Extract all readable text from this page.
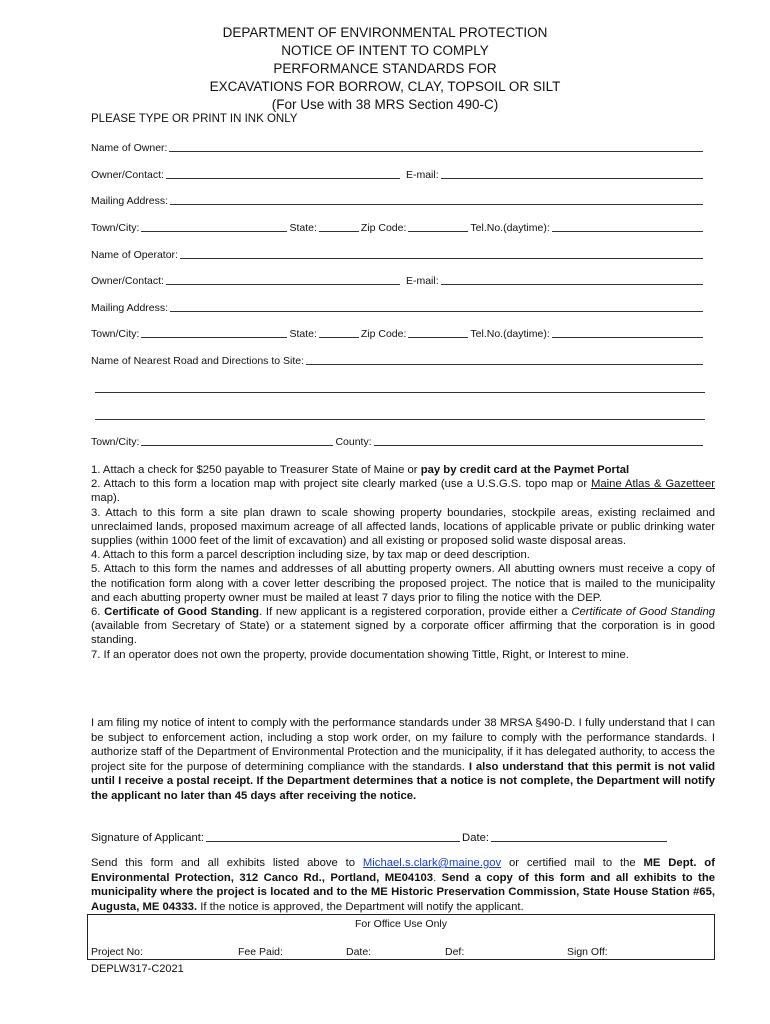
DEPARTMENT OF ENVIRONMENTAL PROTECTION
NOTICE OF INTENT TO COMPLY
PERFORMANCE STANDARDS FOR
EXCAVATIONS FOR BORROW, CLAY, TOPSOIL OR SILT
(For Use with 38 MRS Section 490-C)
PLEASE TYPE OR PRINT IN INK ONLY
Name of Owner:
Owner/Contact:	E-mail:
Mailing Address:
Town/City:	State:	Zip Code:	Tel.No.(daytime):
Name of Operator:
Owner/Contact:	E-mail:
Mailing Address:
Town/City:	State:	Zip Code:	Tel.No.(daytime):
Name of Nearest Road and Directions to Site:
Town/City:	County:

1. Attach a check for $250 payable to Treasurer State of Maine or pay by credit card at the Paymet Portal

2. Attach to this form a location map with project site clearly marked (use a U.S.G.S. topo map or Maine Atlas & Gazetteer map).

3. Attach to this form a site plan drawn to scale showing property boundaries, stockpile areas, existing reclaimed and unreclaimed lands, proposed maximum acreage of all affected lands, locations of applicable private or public drinking water supplies (within 1000 feet of the limit of excavation) and all existing or proposed solid waste disposal areas.

4. Attach to this form a parcel description including size, by tax map or deed description.

5. Attach to this form the names and addresses of all abutting property owners. All abutting owners must receive a copy of the notification form along with a cover letter describing the proposed project. The notice that is mailed to the municipality and each abutting property owner must be mailed at least 7 days prior to filing the notice with the DEP.

6. Certificate of Good Standing. If new applicant is a registered corporation, provide either a Certificate of Good Standing (available from Secretary of State) or a statement signed by a corporate officer affirming that the corporation is in good standing.

7. If an operator does not own the property, provide documentation showing Tittle, Right, or Interest to mine.

I am filing my notice of intent to comply with the performance standards under 38 MRSA §490-D. I fully understand that I can be subject to enforcement action, including a stop work order, on my failure to comply with the performance standards. I authorize staff of the Department of Environmental Protection and the municipality, if it has delegated authority, to access the project site for the purpose of determining compliance with the standards. I also understand that this permit is not valid until I receive a postal receipt. If the Department determines that a notice is not complete, the Department will notify the applicant no later than 45 days after receiving the notice.

Signature of Applicant:	Date:

Send this form and all exhibits listed above to Michael.s.clark@maine.gov or certified mail to the ME Dept. of Environmental Protection, 312 Canco Rd., Portland, ME04103. Send a copy of this form and all exhibits to the municipality where the project is located and to the ME Historic Preservation Commission, State House Station #65, Augusta, ME 04333. If the notice is approved, the Department will notify the applicant.

For Office Use Only
Project No:	Fee Paid:	Date:	Def:	Sign Off:
DEPLW317-C2021
